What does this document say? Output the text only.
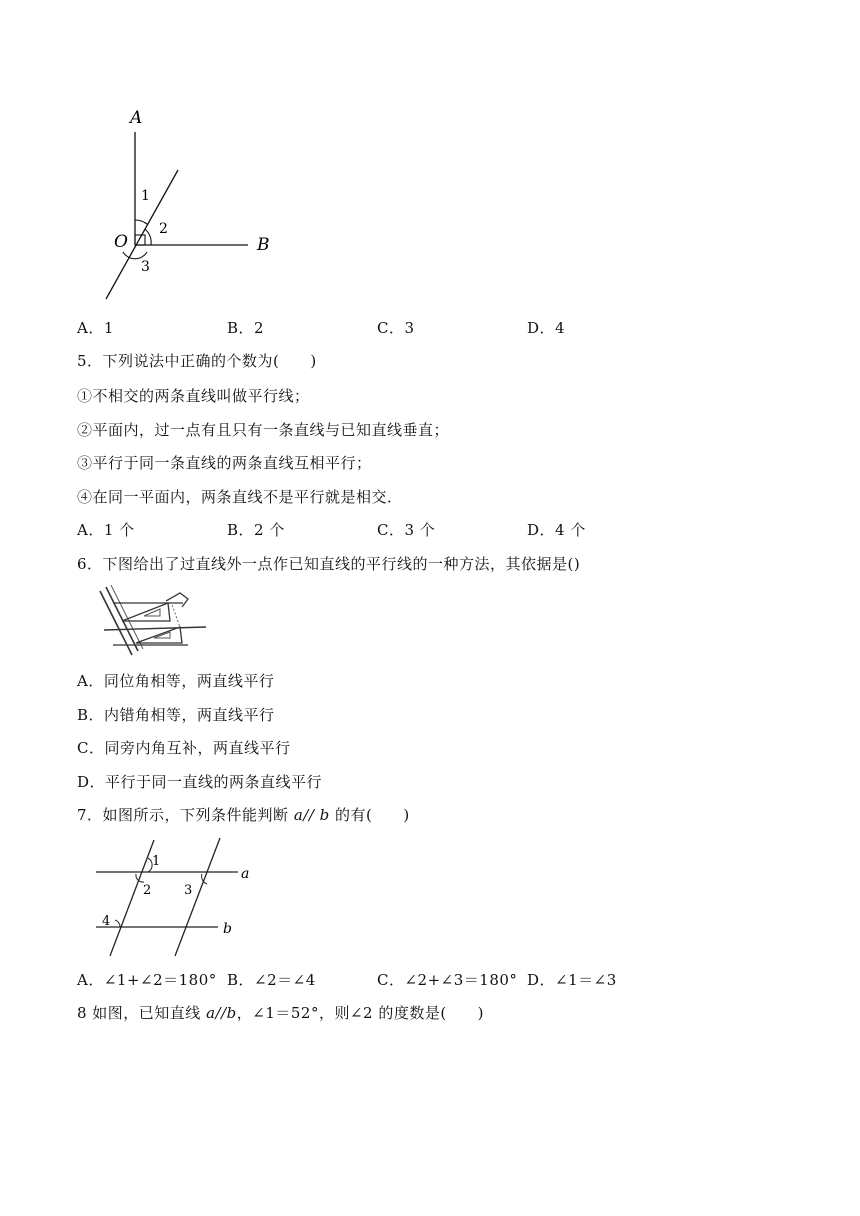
A
1
2
O	B
3
A．1	B．2	C．3	D．4
5．下列说法中正确的个数为(　　)
①不相交的两条直线叫做平行线；
②平面内，过一点有且只有一条直线与已知直线垂直；
③平行于同一条直线的两条直线互相平行；
④在同一平面内，两条直线不是平行就是相交．
A．1 个	B．2 个	C．3 个	D．4 个
6．下图给出了过直线外一点作已知直线的平行线的一种方法，其依据是()
A．同位角相等，两直线平行
B．内错角相等，两直线平行
C．同旁内角互补，两直线平行
D．平行于同一直线的两条直线平行
7．如图所示，下列条件能判断 a// b 的有(　　)
1
2	3
a
4	b
A．∠1+∠2＝180° B．∠2＝∠4	C．∠2+∠3＝180° D．∠1＝∠3
8 如图，已知直线 a//b，∠1＝52°，则∠2 的度数是(　　)
